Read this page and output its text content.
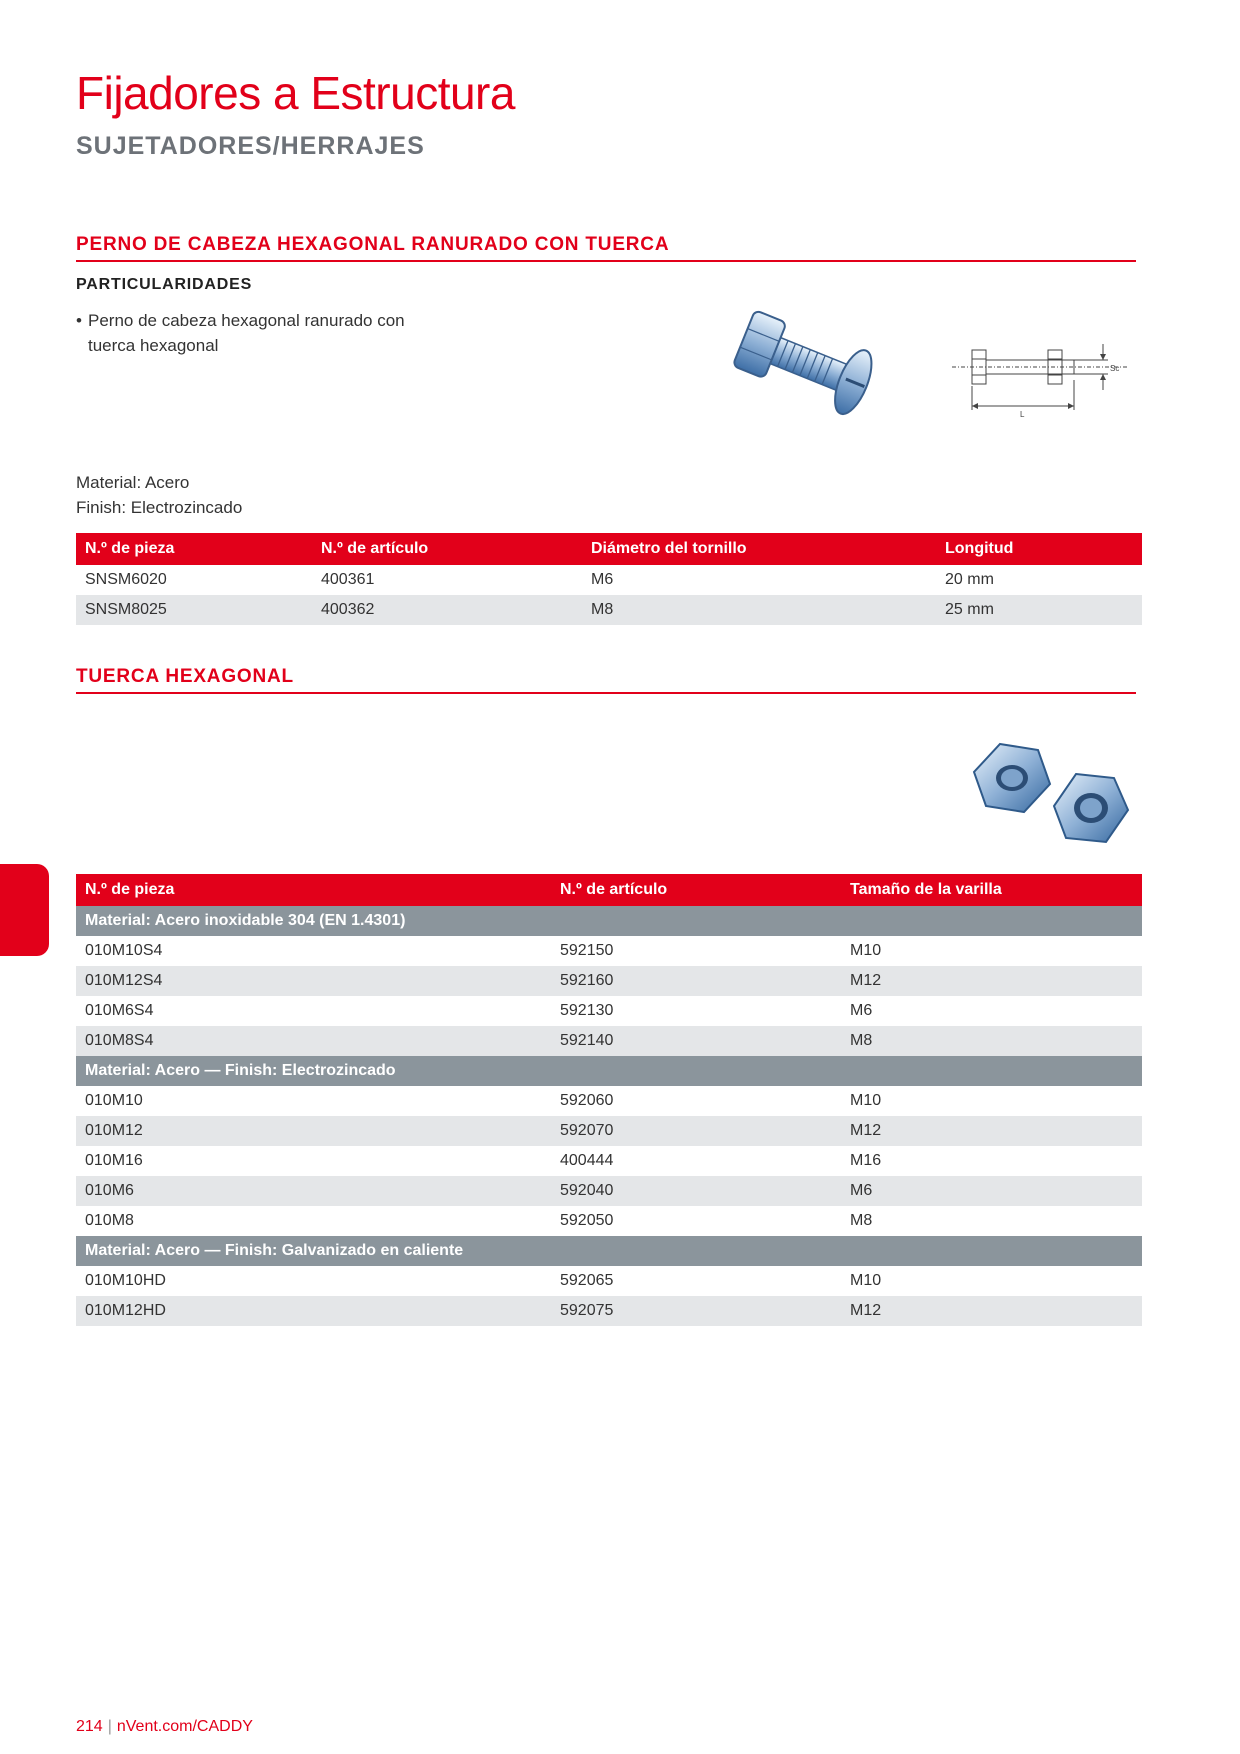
Fijadores a Estructura
SUJETADORES/HERRAJES
PERNO DE CABEZA HEXAGONAL RANURADO CON TUERCA
PARTICULARIDADES
• Perno de cabeza hexagonal ranurado con tuerca hexagonal
Sc
L
Material: Acero
Finish: Electrozincado
N.º de pieza	N.º de artículo	Diámetro del tornillo	Longitud
SNSM6020	400361	M6	20 mm
SNSM8025	400362	M8	25 mm
TUERCA HEXAGONAL
N.º de pieza	N.º de artículo	Tamaño de la varilla
Material: Acero inoxidable 304 (EN 1.4301)		
010M10S4	592150	M10
010M12S4	592160	M12
010M6S4	592130	M6
010M8S4	592140	M8
Material: Acero — Finish: Electrozincado		
010M10	592060	M10
010M12	592070	M12
010M16	400444	M16
010M6	592040	M6
010M8	592050	M8
Material: Acero — Finish: Galvanizado en caliente		
010M10HD	592065	M10
010M12HD	592075	M12
214 | nVent.com/CADDY
